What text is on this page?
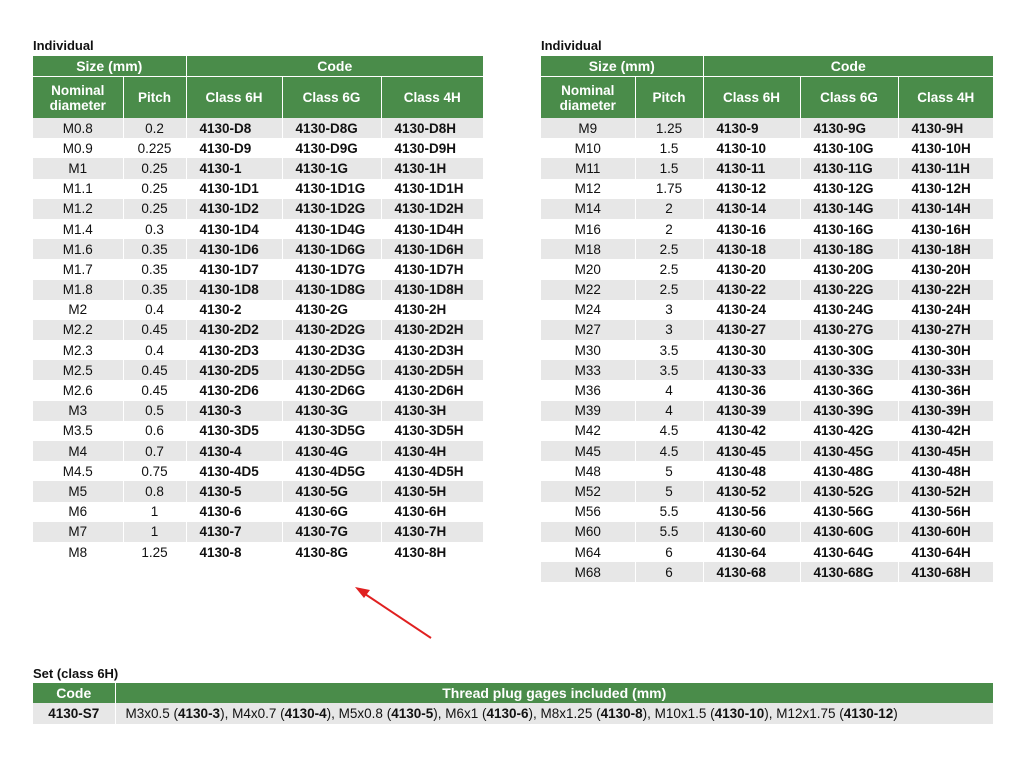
Individual
Size (mm)		Code		
Nominal diameter	Pitch	Class 6H	Class 6G	Class 4H
M0.8	0.2	4130-D8	4130-D8G	4130-D8H
M0.9	0.225	4130-D9	4130-D9G	4130-D9H
M1	0.25	4130-1	4130-1G	4130-1H
M1.1	0.25	4130-1D1	4130-1D1G	4130-1D1H
M1.2	0.25	4130-1D2	4130-1D2G	4130-1D2H
M1.4	0.3	4130-1D4	4130-1D4G	4130-1D4H
M1.6	0.35	4130-1D6	4130-1D6G	4130-1D6H
M1.7	0.35	4130-1D7	4130-1D7G	4130-1D7H
M1.8	0.35	4130-1D8	4130-1D8G	4130-1D8H
M2	0.4	4130-2	4130-2G	4130-2H
M2.2	0.45	4130-2D2	4130-2D2G	4130-2D2H
M2.3	0.4	4130-2D3	4130-2D3G	4130-2D3H
M2.5	0.45	4130-2D5	4130-2D5G	4130-2D5H
M2.6	0.45	4130-2D6	4130-2D6G	4130-2D6H
M3	0.5	4130-3	4130-3G	4130-3H
M3.5	0.6	4130-3D5	4130-3D5G	4130-3D5H
M4	0.7	4130-4	4130-4G	4130-4H
M4.5	0.75	4130-4D5	4130-4D5G	4130-4D5H
M5	0.8	4130-5	4130-5G	4130-5H
M6	1	4130-6	4130-6G	4130-6H
M7	1	4130-7	4130-7G	4130-7H
M8	1.25	4130-8	4130-8G	4130-8H
Individual
Size (mm)		Code		
Nominal diameter	Pitch	Class 6H	Class 6G	Class 4H
M9	1.25	4130-9	4130-9G	4130-9H
M10	1.5	4130-10	4130-10G	4130-10H
M11	1.5	4130-11	4130-11G	4130-11H
M12	1.75	4130-12	4130-12G	4130-12H
M14	2	4130-14	4130-14G	4130-14H
M16	2	4130-16	4130-16G	4130-16H
M18	2.5	4130-18	4130-18G	4130-18H
M20	2.5	4130-20	4130-20G	4130-20H
M22	2.5	4130-22	4130-22G	4130-22H
M24	3	4130-24	4130-24G	4130-24H
M27	3	4130-27	4130-27G	4130-27H
M30	3.5	4130-30	4130-30G	4130-30H
M33	3.5	4130-33	4130-33G	4130-33H
M36	4	4130-36	4130-36G	4130-36H
M39	4	4130-39	4130-39G	4130-39H
M42	4.5	4130-42	4130-42G	4130-42H
M45	4.5	4130-45	4130-45G	4130-45H
M48	5	4130-48	4130-48G	4130-48H
M52	5	4130-52	4130-52G	4130-52H
M56	5.5	4130-56	4130-56G	4130-56H
M60	5.5	4130-60	4130-60G	4130-60H
M64	6	4130-64	4130-64G	4130-64H
M68	6	4130-68	4130-68G	4130-68H
Set (class 6H)
Code	Thread plug gages included (mm)
4130-S7	M3x0.5 (4130-3), M4x0.7 (4130-4), M5x0.8 (4130-5), M6x1 (4130-6), M8x1.25 (4130-8), M10x1.5 (4130-10), M12x1.75 (4130-12)
